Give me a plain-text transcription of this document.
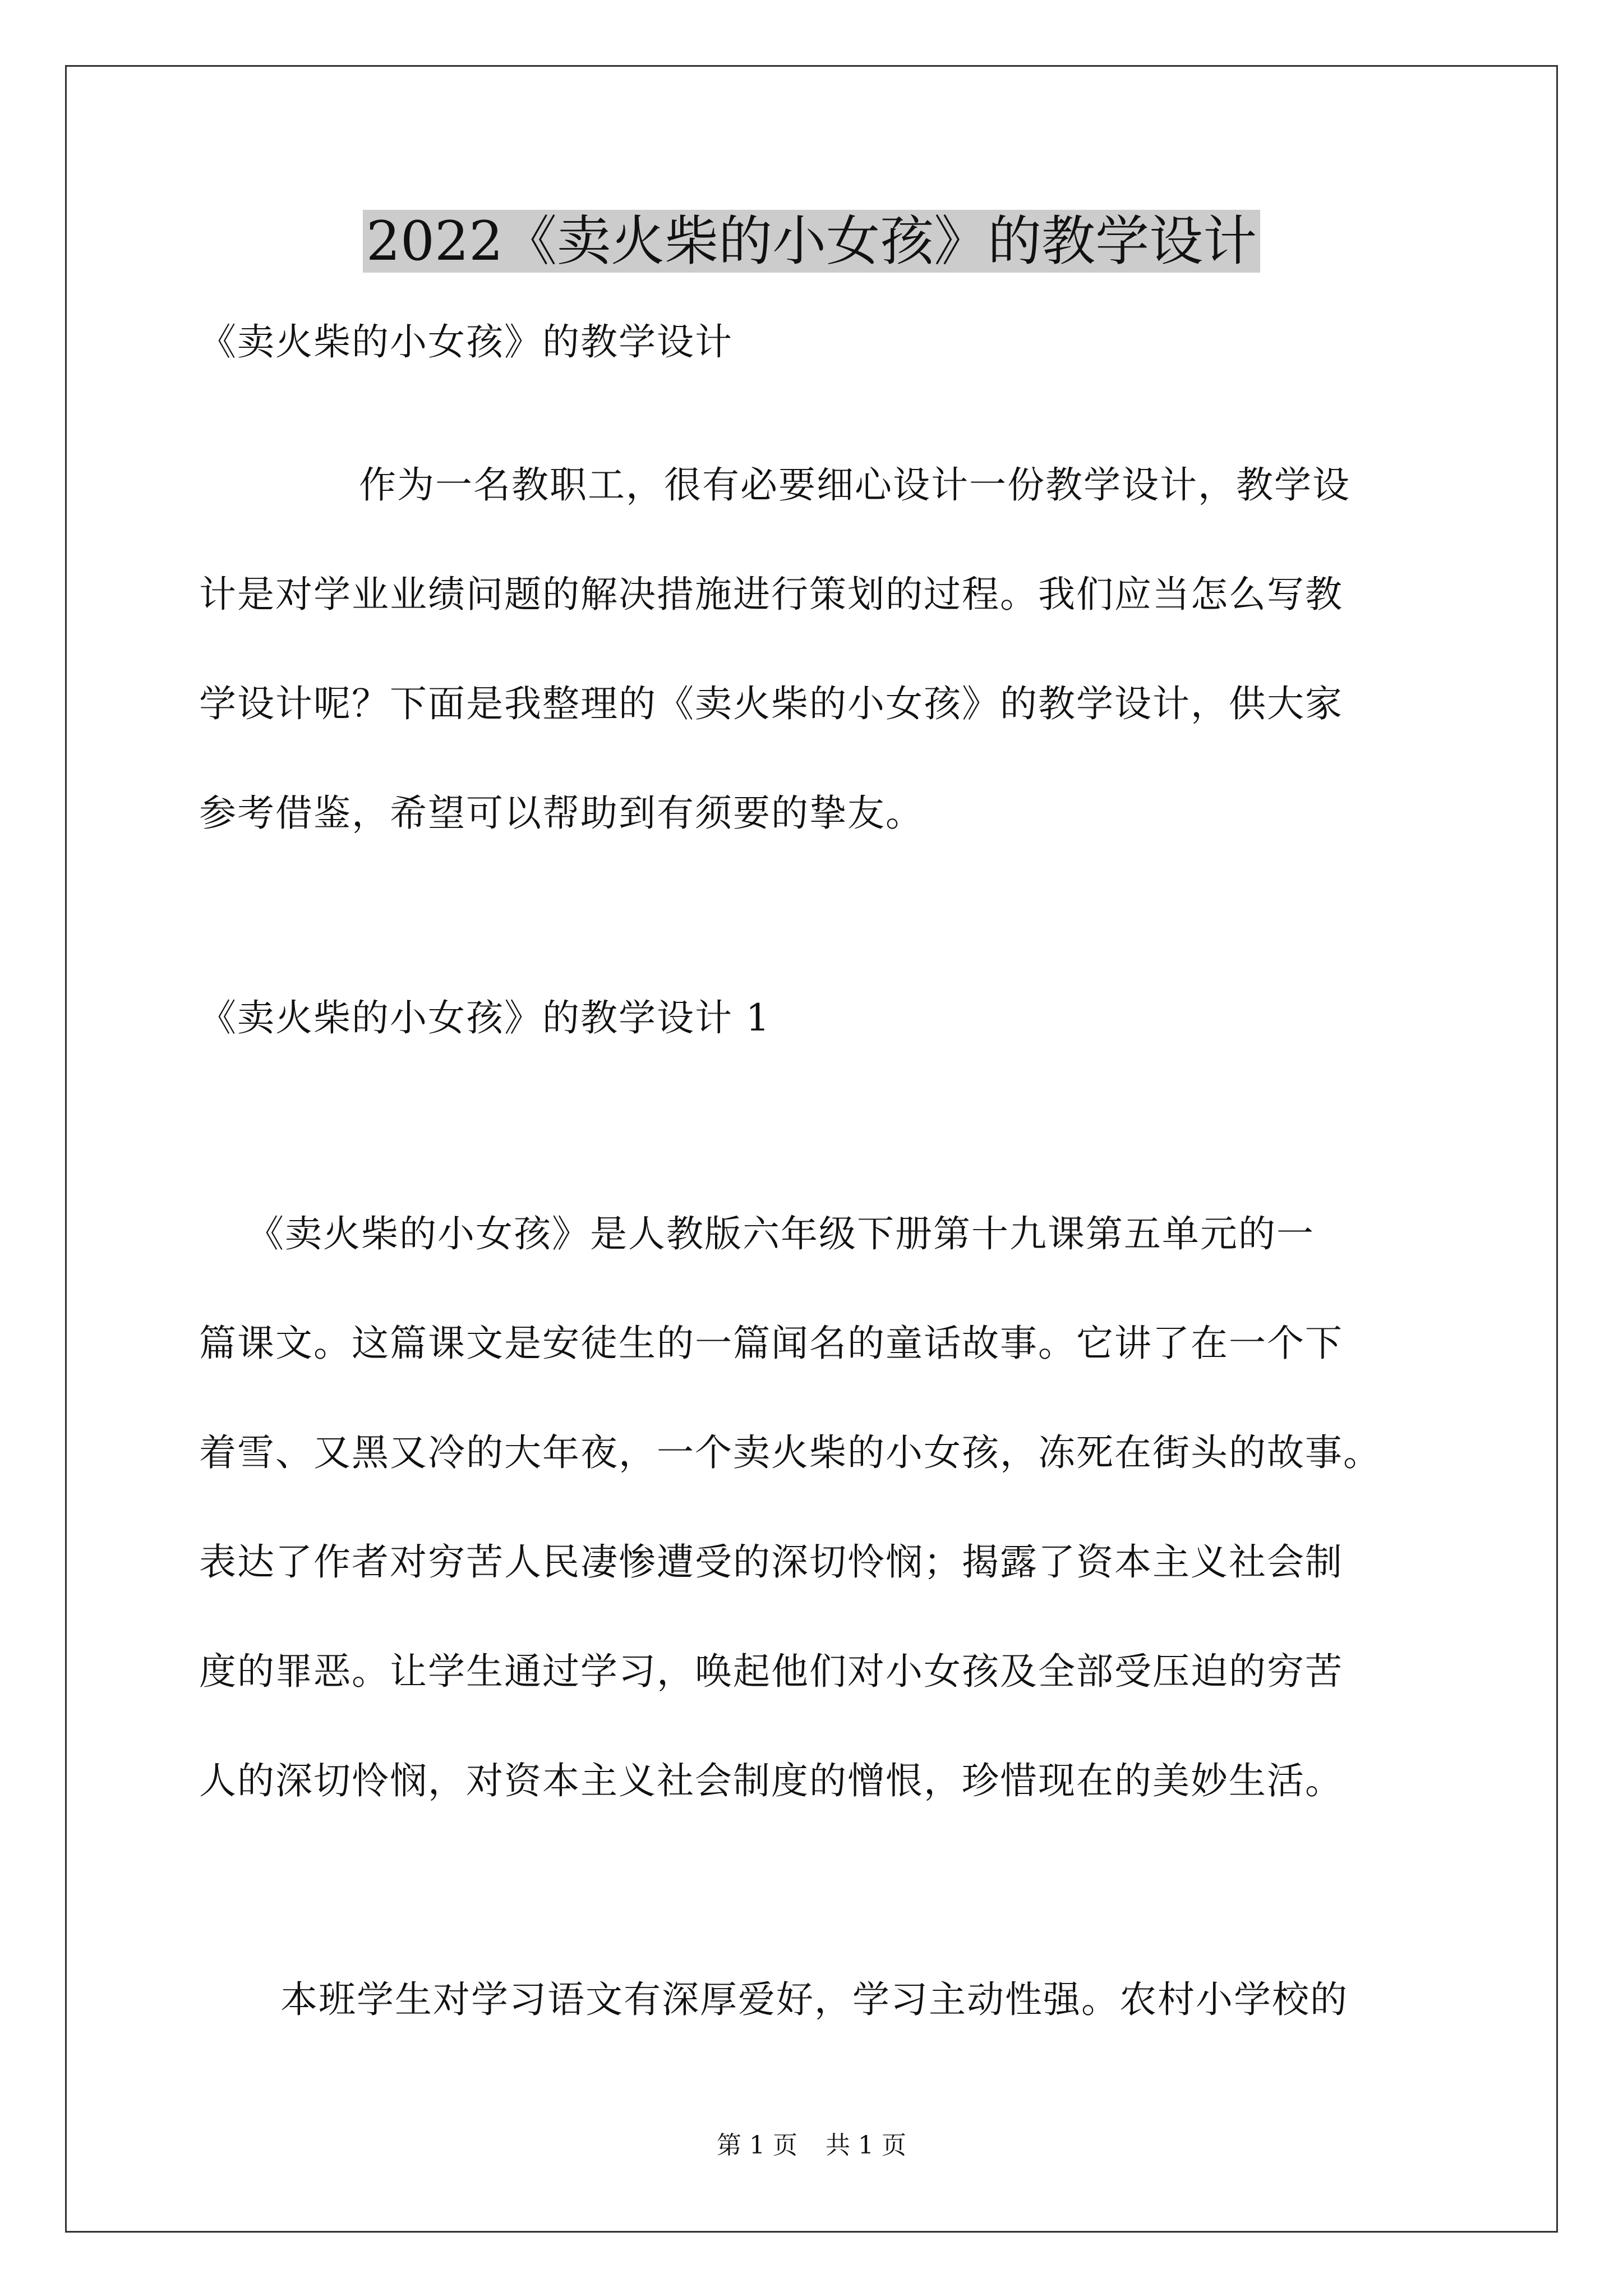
2022《卖火柴的小女孩》的教学设计
《卖火柴的小女孩》的教学设计
作为一名教职工，很有必要细心设计一份教学设计，教学设
计是对学业业绩问题的解决措施进行策划的过程。我们应当怎么写教
学设计呢？下面是我整理的《卖火柴的小女孩》的教学设计，供大家
参考借鉴，希望可以帮助到有须要的挚友。
《卖火柴的小女孩》的教学设计 1
《卖火柴的小女孩》是人教版六年级下册第十九课第五单元的一
篇课文。这篇课文是安徒生的一篇闻名的童话故事。它讲了在一个下
着雪、又黑又冷的大年夜，一个卖火柴的小女孩，冻死在街头的故事。
表达了作者对穷苦人民凄惨遭受的深切怜悯；揭露了资本主义社会制
度的罪恶。让学生通过学习，唤起他们对小女孩及全部受压迫的穷苦
人的深切怜悯，对资本主义社会制度的憎恨，珍惜现在的美妙生活。
本班学生对学习语文有深厚爱好，学习主动性强。农村小学校的
第 1 页 共 1 页
